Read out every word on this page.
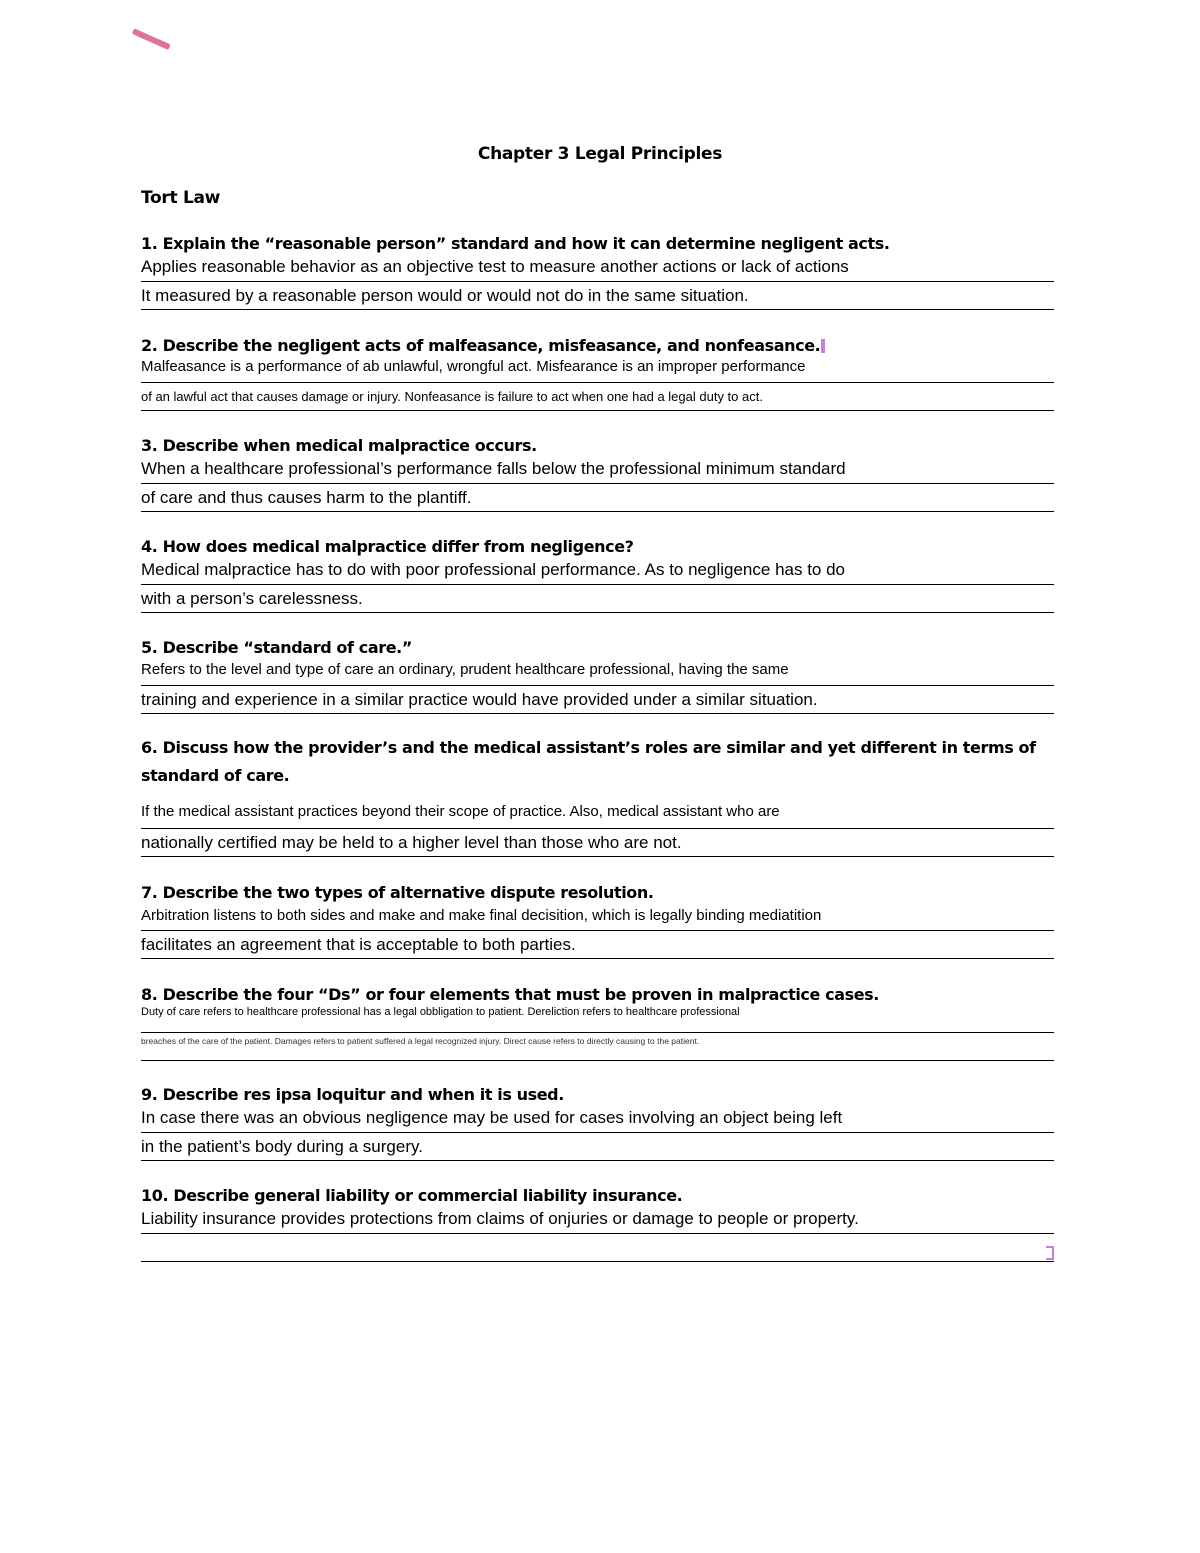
Chapter 3 Legal Principles
Tort Law
1. Explain the “reasonable person” standard and how it can determine negligent acts.
Applies reasonable behavior as an objective test to measure another actions or lack of actions
It measured by a reasonable person would or would not do in the same situation.
2. Describe the negligent acts of malfeasance, misfeasance, and nonfeasance.
Malfeasance is a performance of ab unlawful, wrongful act. Misfearance is an improper performance
of an lawful act that causes damage or injury. Nonfeasance is failure to act when one had a legal duty to act.
3. Describe when medical malpractice occurs.
When a healthcare professional’s performance falls below the professional minimum standard
of care and thus causes harm to the plantiff.
4. How does medical malpractice differ from negligence?
Medical malpractice has to do with poor professional performance. As to negligence has to do
with a person’s carelessness.
5. Describe “standard of care.”
Refers to the level and type of care an ordinary, prudent healthcare professional, having the same
training and experience in a similar practice would have provided under a similar situation.
6. Discuss how the provider’s and the medical assistant’s roles are similar and yet different in terms of standard of care.
If the medical assistant practices beyond their scope of practice. Also, medical assistant who are
nationally certified may be held to a higher level than those who are not.
7. Describe the two types of alternative dispute resolution.
Arbitration listens to both sides and make and make final decisition, which is legally binding mediatition
facilitates an agreement that is acceptable to both parties.
8. Describe the four “Ds” or four elements that must be proven in malpractice cases.
Duty of care refers to healthcare professional has a legal obbligation to patient. Dereliction refers to healthcare professional
breaches of the care of the patient. Damages refers to patient suffered a legal recognized injury. Direct cause refers to directly causing to the patient.
9. Describe res ipsa loquitur and when it is used.
In case there was an obvious negligence may be used for cases involving an object being left
in the patient’s body during a surgery.
10. Describe general liability or commercial liability insurance.
Liability insurance provides protections from claims of onjuries or damage to people or property.
